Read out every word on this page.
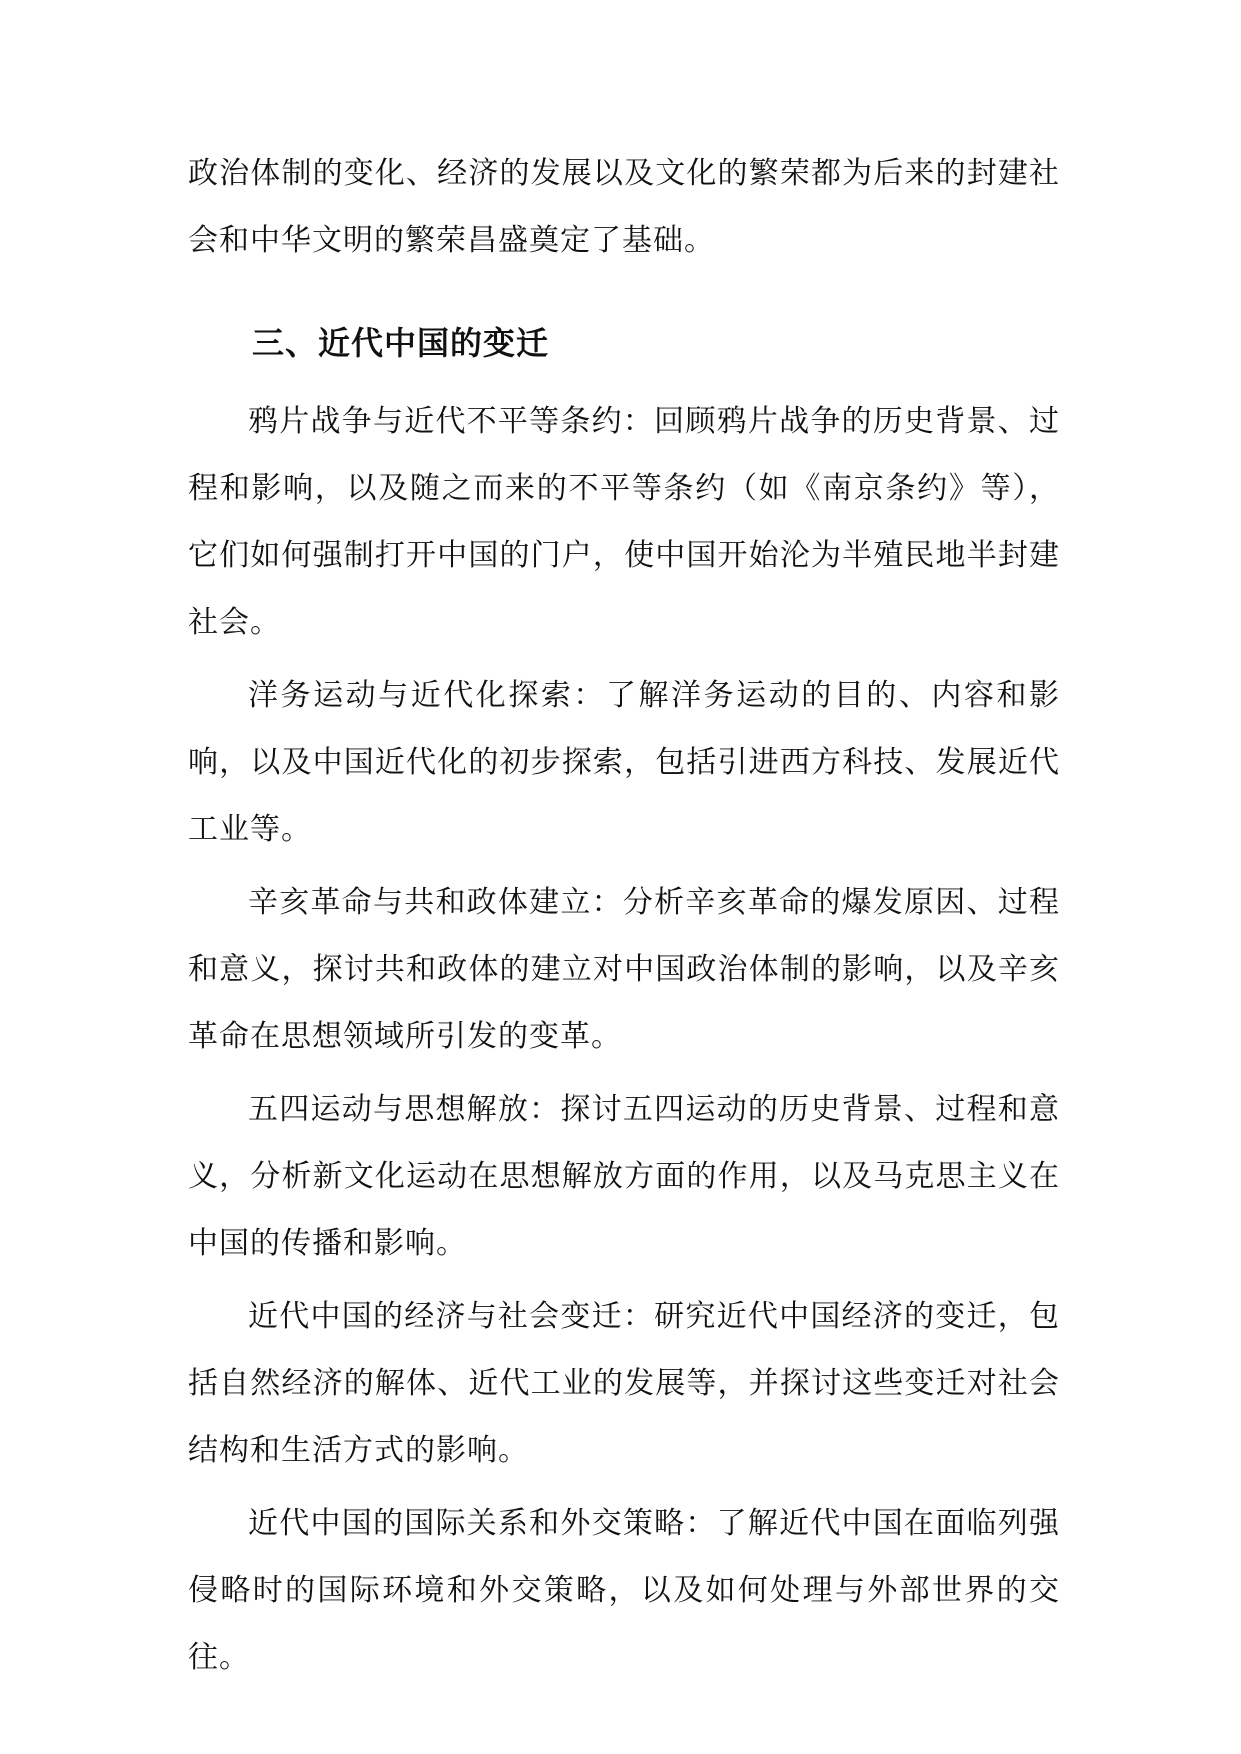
政治体制的变化、经济的发展以及文化的繁荣都为后来的封建社会和中华文明的繁荣昌盛奠定了基础。

三、近代中国的变迁

鸦片战争与近代不平等条约：回顾鸦片战争的历史背景、过程和影响，以及随之而来的不平等条约（如《南京条约》等），它们如何强制打开中国的门户，使中国开始沦为半殖民地半封建社会。

洋务运动与近代化探索：了解洋务运动的目的、内容和影响，以及中国近代化的初步探索，包括引进西方科技、发展近代工业等。

辛亥革命与共和政体建立：分析辛亥革命的爆发原因、过程和意义，探讨共和政体的建立对中国政治体制的影响，以及辛亥革命在思想领域所引发的变革。

五四运动与思想解放：探讨五四运动的历史背景、过程和意义，分析新文化运动在思想解放方面的作用，以及马克思主义在中国的传播和影响。

近代中国的经济与社会变迁：研究近代中国经济的变迁，包括自然经济的解体、近代工业的发展等，并探讨这些变迁对社会结构和生活方式的影响。

近代中国的国际关系和外交策略：了解近代中国在面临列强侵略时的国际环境和外交策略，以及如何处理与外部世界的交往。
